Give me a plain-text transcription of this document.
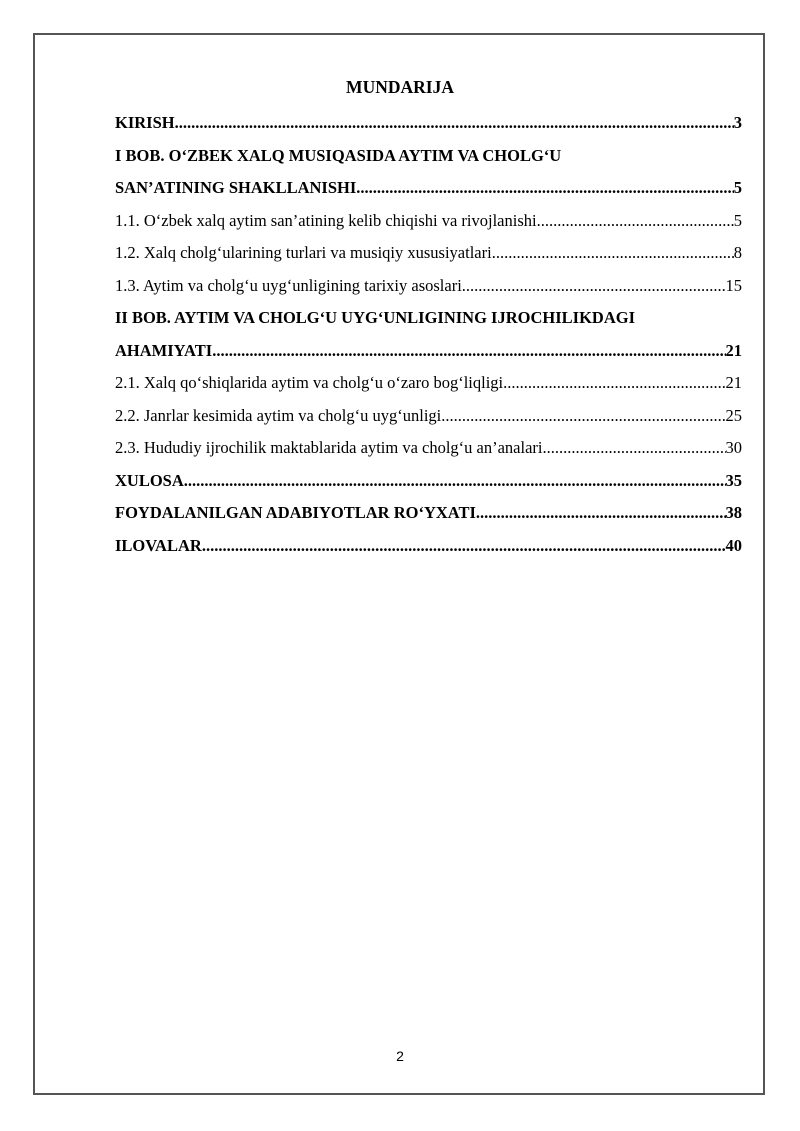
MUNDARIJA
KIRISH .....	3
I BOB. O‘ZBEK XALQ MUSIQASIDA AYTIM VA CHOLG‘U
SAN’ATINING SHAKLLANISHI .....	5
1.1. O‘zbek xalq aytim san’atining kelib chiqishi va rivojlanishi .....	5
1.2. Xalq cholg‘ularining turlari va musiqiy xususiyatlari .....	8
1.3. Aytim va cholg‘u uyg‘unligining tarixiy asoslari .....	15
II BOB. AYTIM VA CHOLG‘U UYG‘UNLIGINING IJROCHILIKDAGI
AHAMIYATI .....	21
2.1. Xalq qo‘shiqlarida aytim va cholg‘u o‘zaro bog‘liqligi .....	21
2.2. Janrlar kesimida aytim va cholg‘u uyg‘unligi .....	25
2.3. Hududiy ijrochilik maktablarida aytim va cholg‘u an’analari .....	30
XULOSA .....	35
FOYDALANILGAN ADABIYOTLAR RO‘YXATI .....	38
ILOVALAR .....	40
2
